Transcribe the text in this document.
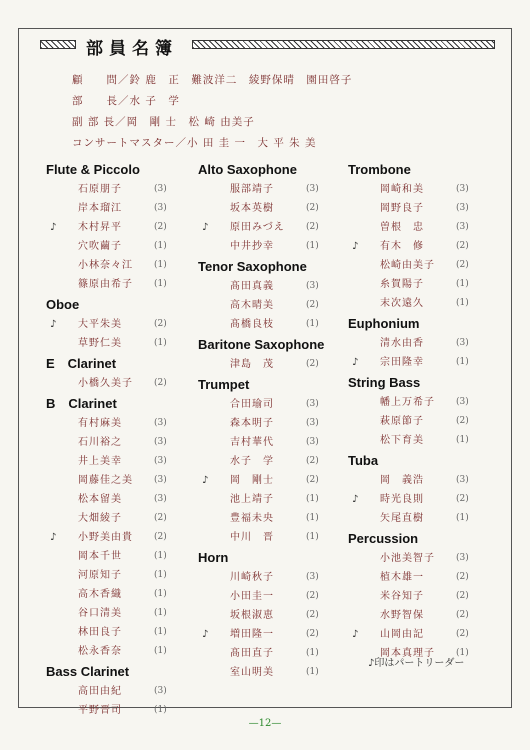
部員名簿
顧　　問／鈴 鹿　正　難波洋二　綾野保晴　園田啓子
部　　長／水 子　学
副 部 長／岡　剛 士　松 崎 由美子
コンサートマスター／小 田 圭 一　大 平 朱 美
Flute & Piccolo
石原朋子	(3)
岸本瑠江	(3)
♪ 木村昇平	(2)
穴吹繭子	(1)
小林奈々江 (1)
篠原由希子 (1)
Oboe
♪ 大平朱美	(2)
草野仁美	(1)
E　Clarinet
小橋久美子 (2)
B　Clarinet
有村麻美	(3)
石川裕之	(3)
井上美幸	(3)
岡藤佳之美 (3)
松本留美	(3)
大畑綾子	(2)
♪ 小野美由貴 (2)
岡本千世	(1)
河原知子	(1)
高木香織	(1)
谷口清美	(1)
林田良子	(1)
松永香奈	(1)
Bass Clarinet
高田由紀	(3)
平野晋司	(1)
Alto Saxophone
服部靖子	(3)
坂本英樹	(2)
♪ 原田みづえ (2)
中井抄幸	(1)
Tenor Saxophone
髙田真義	(3)
高木晴美	(2)
髙橋良枝	(1)
Baritone Saxophone
津島　茂	(2)
Trumpet
合田瑜司	(3)
森本明子	(3)
吉村華代	(3)
水子　学	(2)
♪ 岡　剛士	(2)
池上靖子	(1)
豊福未央	(1)
中川　晋	(1)
Horn
川崎秋子	(3)
小田圭一	(2)
坂根淑恵	(2)
♪ 増田隆一	(2)
髙田直子	(1)
室山明美	(1)
Trombone
岡崎和美	(3)
岡野良子	(3)
曽根　忠	(3)
♪ 有木　修	(2)
松崎由美子 (2)
糸賀陽子	(1)
末次遠久	(1)
Euphonium
清水由香	(3)
♪ 宗田隆幸	(1)
String Bass
幡上万希子 (3)
萩原節子	(2)
松下育美	(1)
Tuba
岡　義浩	(3)
♪ 時光良則	(2)
矢尾直樹	(1)
Percussion
小池美智子 (3)
植木雄一	(2)
米谷知子	(2)
水野智保	(2)
♪ 山岡由記	(2)
岡本真理子 (1)
♪印はパートリーダー
—12—
